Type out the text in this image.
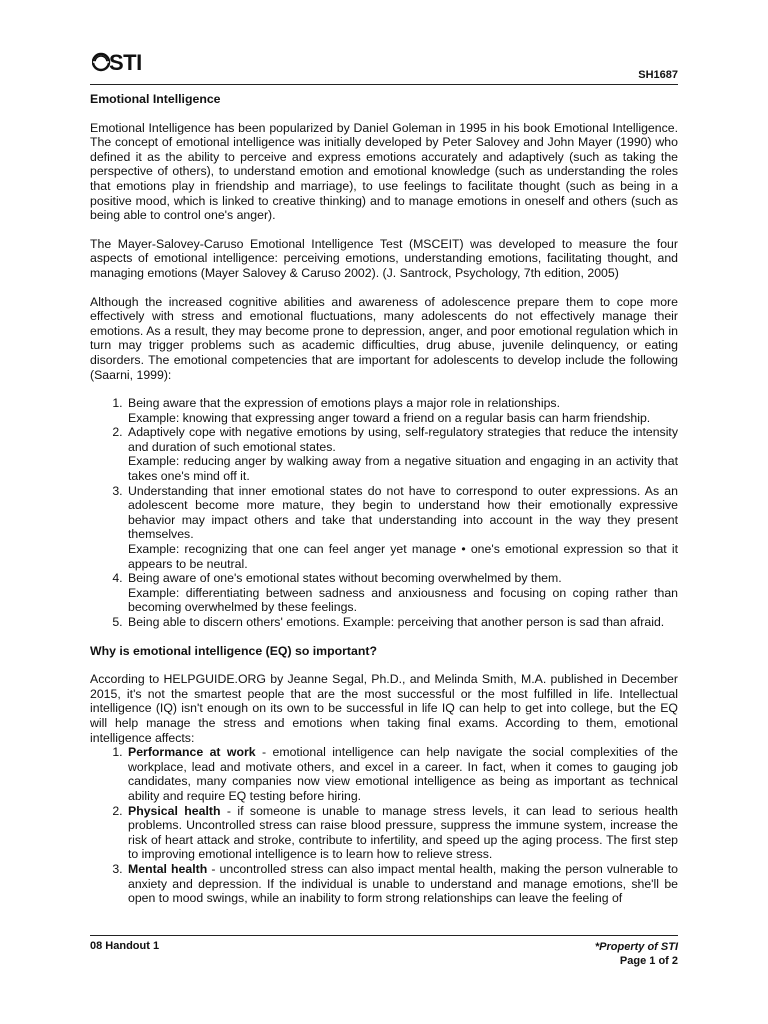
STI	SH1687
Emotional Intelligence

Emotional Intelligence has been popularized by Daniel Goleman in 1995 in his book Emotional Intelligence. The concept of emotional intelligence was initially developed by Peter Salovey and John Mayer (1990) who defined it as the ability to perceive and express emotions accurately and adaptively (such as taking the perspective of others), to understand emotion and emotional knowledge (such as understanding the roles that emotions play in friendship and marriage), to use feelings to facilitate thought (such as being in a positive mood, which is linked to creative thinking) and to manage emotions in oneself and others (such as being able to control one's anger).

The Mayer-Salovey-Caruso Emotional Intelligence Test (MSCEIT) was developed to measure the four aspects of emotional intelligence: perceiving emotions, understanding emotions, facilitating thought, and managing emotions (Mayer Salovey & Caruso 2002). (J. Santrock, Psychology, 7th edition, 2005)

Although the increased cognitive abilities and awareness of adolescence prepare them to cope more effectively with stress and emotional fluctuations, many adolescents do not effectively manage their emotions. As a result, they may become prone to depression, anger, and poor emotional regulation which in turn may trigger problems such as academic difficulties, drug abuse, juvenile delinquency, or eating disorders. The emotional competencies that are important for adolescents to develop include the following (Saarni, 1999):

1. Being aware that the expression of emotions plays a major role in relationships.
Example: knowing that expressing anger toward a friend on a regular basis can harm friendship.
2. Adaptively cope with negative emotions by using, self-regulatory strategies that reduce the intensity and duration of such emotional states.
Example: reducing anger by walking away from a negative situation and engaging in an activity that takes one's mind off it.
3. Understanding that inner emotional states do not have to correspond to outer expressions. As an adolescent become more mature, they begin to understand how their emotionally expressive behavior may impact others and take that understanding into account in the way they present themselves.
Example: recognizing that one can feel anger yet manage • one's emotional expression so that it appears to be neutral.
4. Being aware of one's emotional states without becoming overwhelmed by them.
Example: differentiating between sadness and anxiousness and focusing on coping rather than becoming overwhelmed by these feelings.
5. Being able to discern others' emotions. Example: perceiving that another person is sad than afraid.
Why is emotional intelligence (EQ) so important?

According to HELPGUIDE.ORG by Jeanne Segal, Ph.D., and Melinda Smith, M.A. published in December 2015, it's not the smartest people that are the most successful or the most fulfilled in life. Intellectual intelligence (IQ) isn't enough on its own to be successful in life IQ can help to get into college, but the EQ will help manage the stress and emotions when taking final exams. According to them, emotional intelligence affects:

1. Performance at work - emotional intelligence can help navigate the social complexities of the workplace, lead and motivate others, and excel in a career. In fact, when it comes to gauging job candidates, many companies now view emotional intelligence as being as important as technical ability and require EQ testing before hiring.
2. Physical health - if someone is unable to manage stress levels, it can lead to serious health problems. Uncontrolled stress can raise blood pressure, suppress the immune system, increase the risk of heart attack and stroke, contribute to infertility, and speed up the aging process. The first step to improving emotional intelligence is to learn how to relieve stress.
3. Mental health - uncontrolled stress can also impact mental health, making the person vulnerable to anxiety and depression. If the individual is unable to understand and manage emotions, she'll be open to mood swings, while an inability to form strong relationships can leave the feeling of
08 Handout 1	*Property of STI
Page 1 of 2
